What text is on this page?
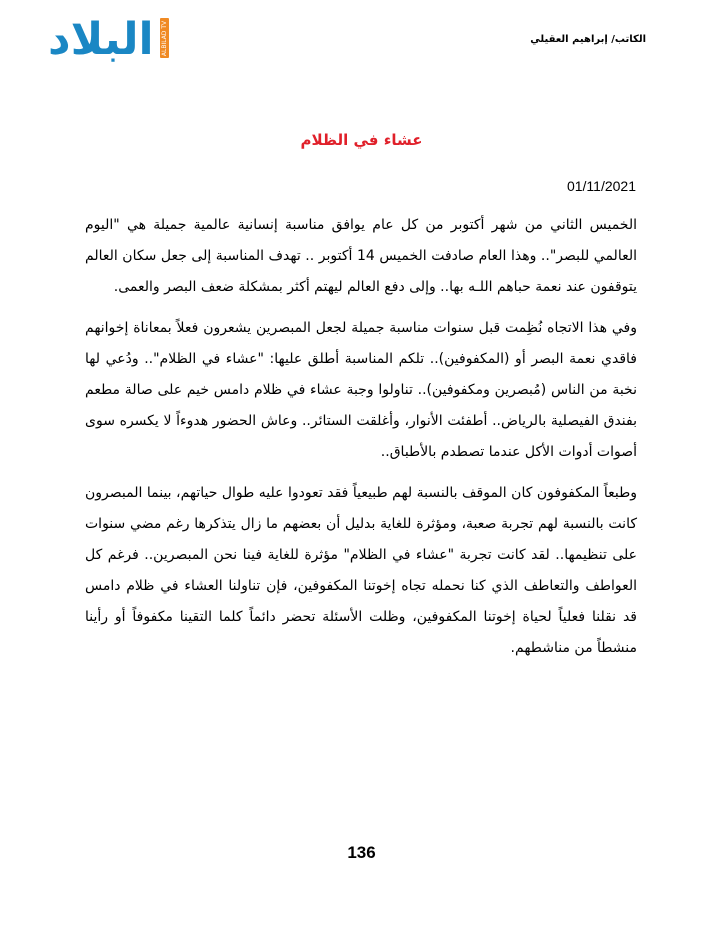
البلاد ALBILAD TV	الكاتب/ إبراهيم العقيلي
عشاء في الظلام
01/11/2021

الخميس الثاني من شهر أكتوبر من كل عام يوافق مناسبة إنسانية عالمية جميلة هي "اليوم العالمي للبصر".. وهذا العام صادفت الخميس 14 أكتوبر .. تهدف المناسبة إلى جعل سكان العالم يتوقفون عند نعمة حباهم اللـه بها.. وإلى دفع العالم ليهتم أكثر بمشكلة ضعف البصر والعمى.

وفي هذا الاتجاه نُظِمت قبل سنوات مناسبة جميلة لجعل المبصرين يشعرون فعلاً بمعاناة إخوانهم فاقدي نعمة البصر أو (المكفوفين).. تلكم المناسبة أطلق عليها: "عشاء في الظلام".. ودُعي لها نخبة من الناس (مُبصرين ومكفوفين).. تناولوا وجبة عشاء في ظلام دامس خيم على صالة مطعم بفندق الفيصلية بالرياض.. أطفئت الأنوار، وأغلقت الستائر.. وعاش الحضور هدوءاً لا يكسره سوى أصوات أدوات الأكل عندما تصطدم بالأطباق..

وطبعاً المكفوفون كان الموقف بالنسبة لهم طبيعياً فقد تعودوا عليه طوال حياتهم، بينما المبصرون كانت بالنسبة لهم تجربة صعبة، ومؤثرة للغاية بدليل أن بعضهم ما زال يتذكرها رغم مضي سنوات على تنظيمها.. لقد كانت تجربة "عشاء في الظلام" مؤثرة للغاية فينا نحن المبصرين.. فرغم كل العواطف والتعاطف الذي كنا نحمله تجاه إخوتنا المكفوفين، فإن تناولنا العشاء في ظلام دامس قد نقلنا فعلياً لحياة إخوتنا المكفوفين، وظلت الأسئلة تحضر دائماً كلما التقينا مكفوفاً أو رأينا منشطاً من مناشطهم.

136
